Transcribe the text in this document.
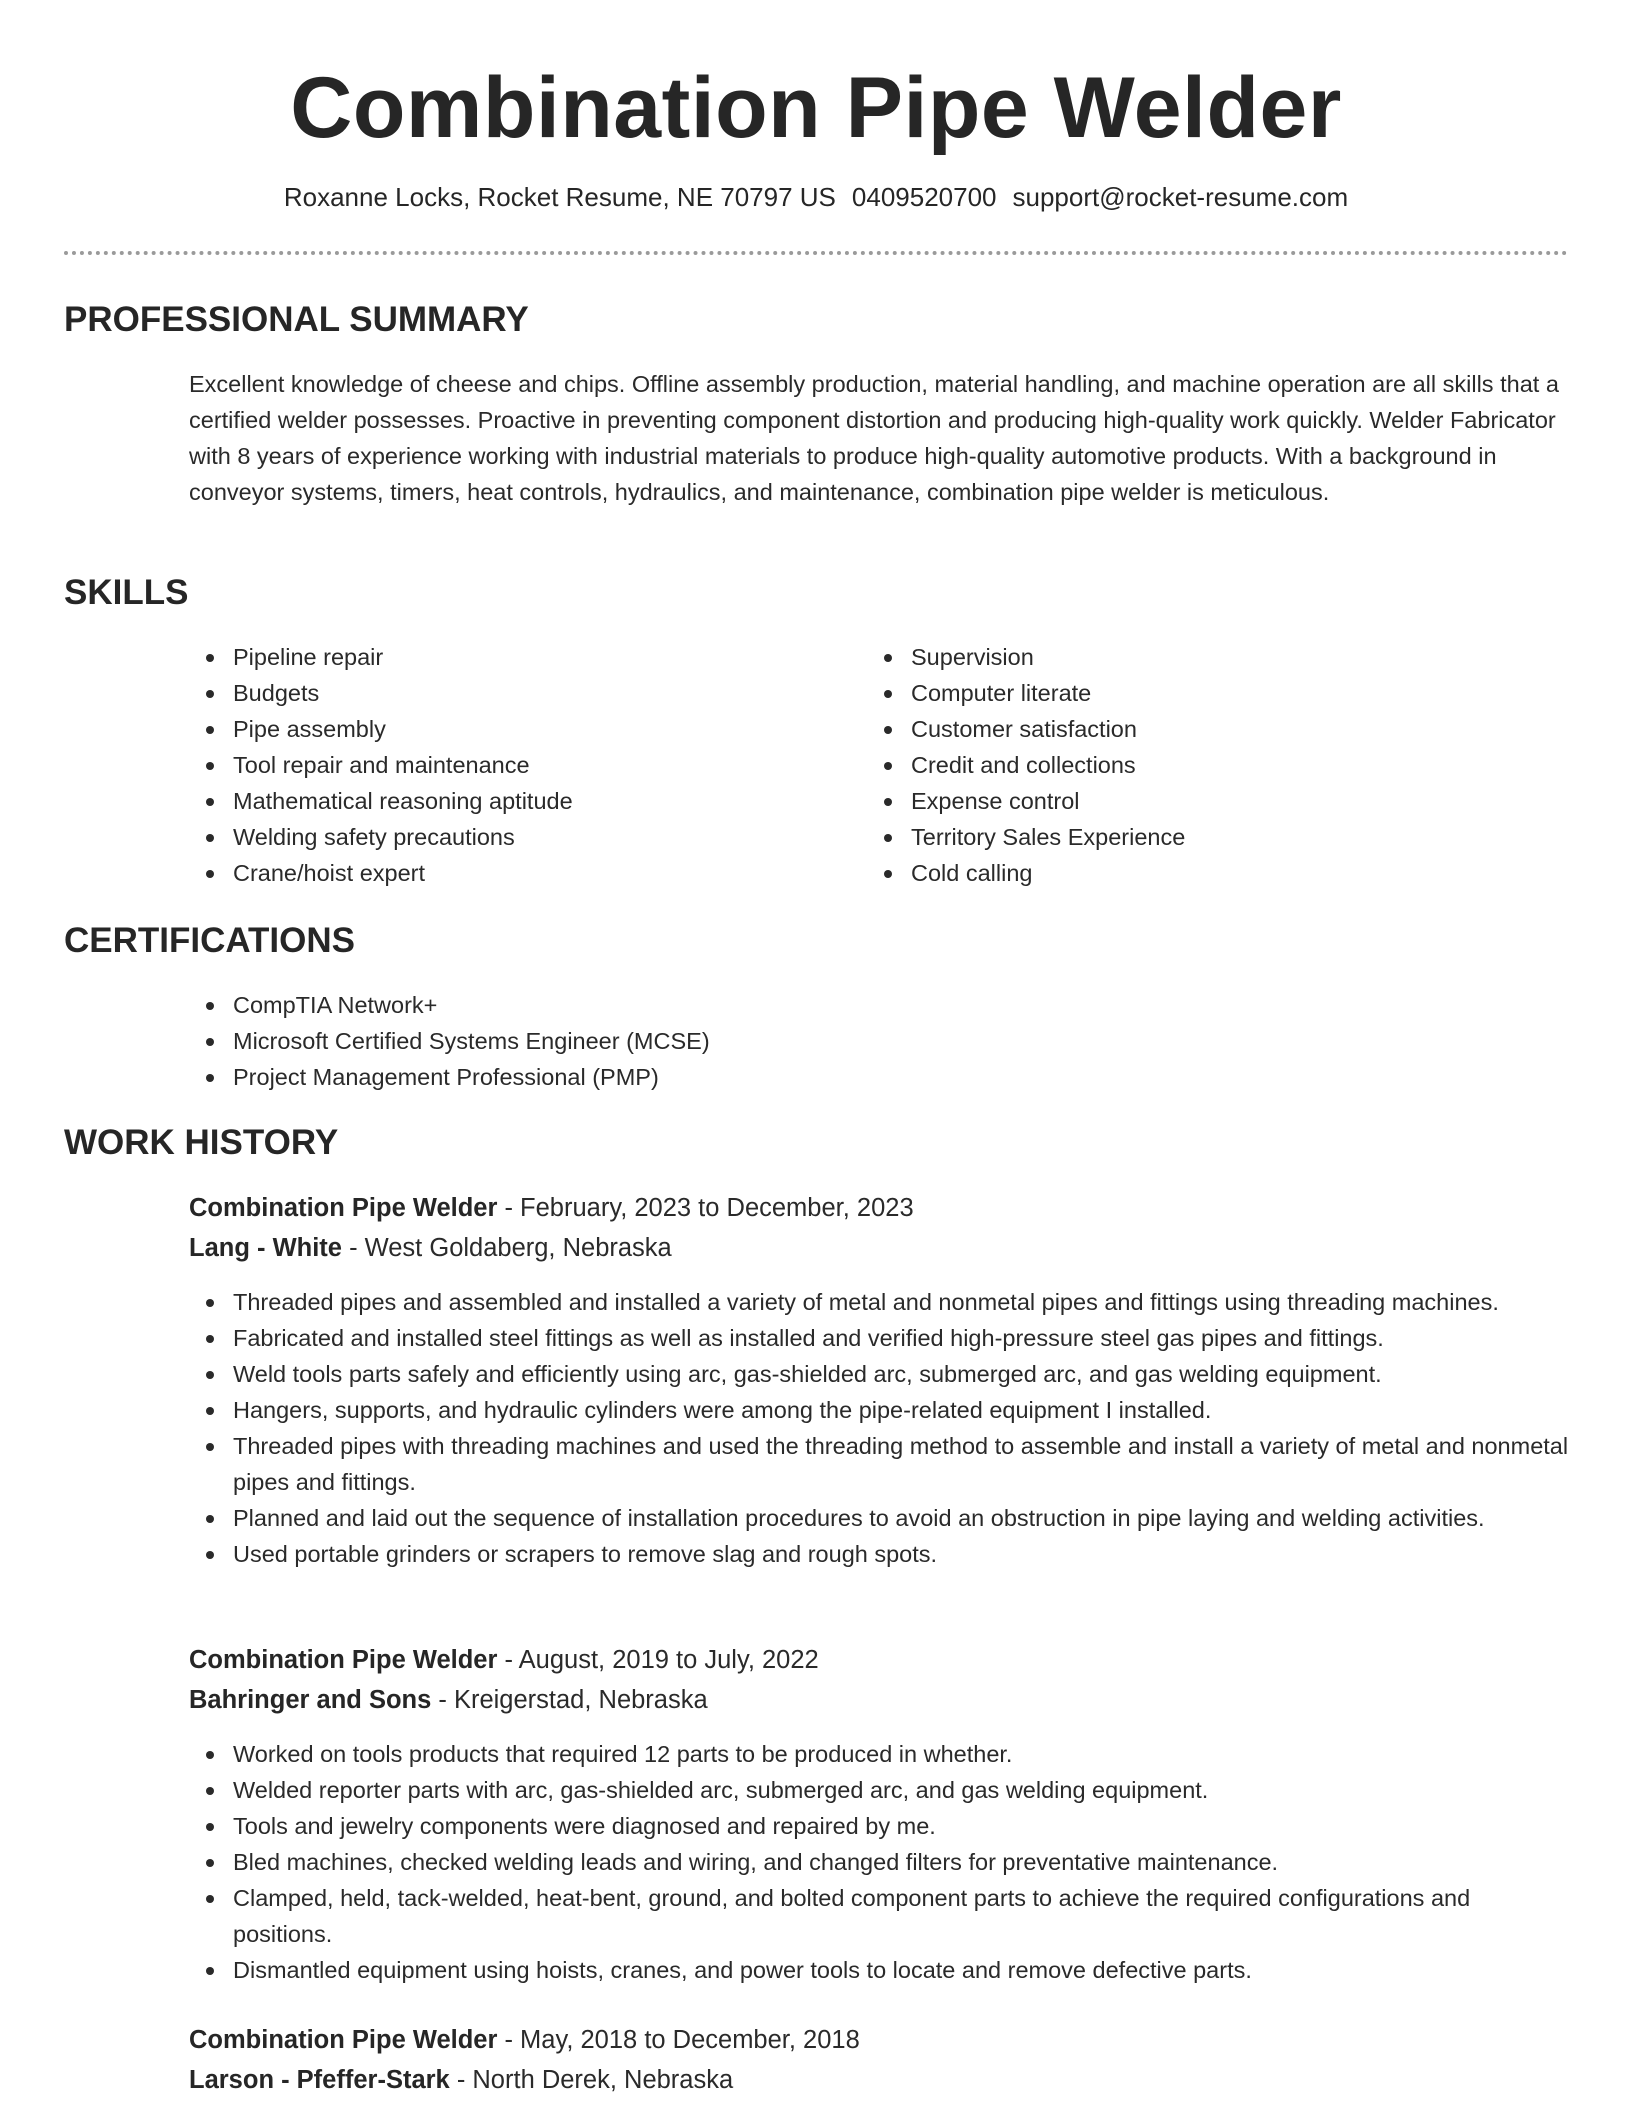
Combination Pipe Welder
Roxanne Locks, Rocket Resume, NE 70797 US 0409520700 support@rocket-resume.com
PROFESSIONAL SUMMARY

Excellent knowledge of cheese and chips. Offline assembly production, material handling, and machine operation are all skills that a certified welder possesses. Proactive in preventing component distortion and producing high-quality work quickly. Welder Fabricator with 8 years of experience working with industrial materials to produce high-quality automotive products. With a background in conveyor systems, timers, heat controls, hydraulics, and maintenance, combination pipe welder is meticulous.

SKILLS
Pipeline repair
Budgets
Pipe assembly
Tool repair and maintenance
Mathematical reasoning aptitude
Welding safety precautions
Crane/hoist expert
Supervision
Computer literate
Customer satisfaction
Credit and collections
Expense control
Territory Sales Experience
Cold calling
CERTIFICATIONS
CompTIA Network+
Microsoft Certified Systems Engineer (MCSE)
Project Management Professional (PMP)
WORK HISTORY
Combination Pipe Welder - February, 2023 to December, 2023
Lang - White - West Goldaberg, Nebraska
Threaded pipes and assembled and installed a variety of metal and nonmetal pipes and fittings using threading machines.
Fabricated and installed steel fittings as well as installed and verified high-pressure steel gas pipes and fittings.
Weld tools parts safely and efficiently using arc, gas-shielded arc, submerged arc, and gas welding equipment.
Hangers, supports, and hydraulic cylinders were among the pipe-related equipment I installed.
Threaded pipes with threading machines and used the threading method to assemble and install a variety of metal and nonmetal pipes and fittings.
Planned and laid out the sequence of installation procedures to avoid an obstruction in pipe laying and welding activities.
Used portable grinders or scrapers to remove slag and rough spots.
Combination Pipe Welder - August, 2019 to July, 2022
Bahringer and Sons - Kreigerstad, Nebraska
Worked on tools products that required 12 parts to be produced in whether.
Welded reporter parts with arc, gas-shielded arc, submerged arc, and gas welding equipment.
Tools and jewelry components were diagnosed and repaired by me.
Bled machines, checked welding leads and wiring, and changed filters for preventative maintenance.
Clamped, held, tack-welded, heat-bent, ground, and bolted component parts to achieve the required configurations and positions.
Dismantled equipment using hoists, cranes, and power tools to locate and remove defective parts.
Combination Pipe Welder - May, 2018 to December, 2018
Larson - Pfeffer-Stark - North Derek, Nebraska
